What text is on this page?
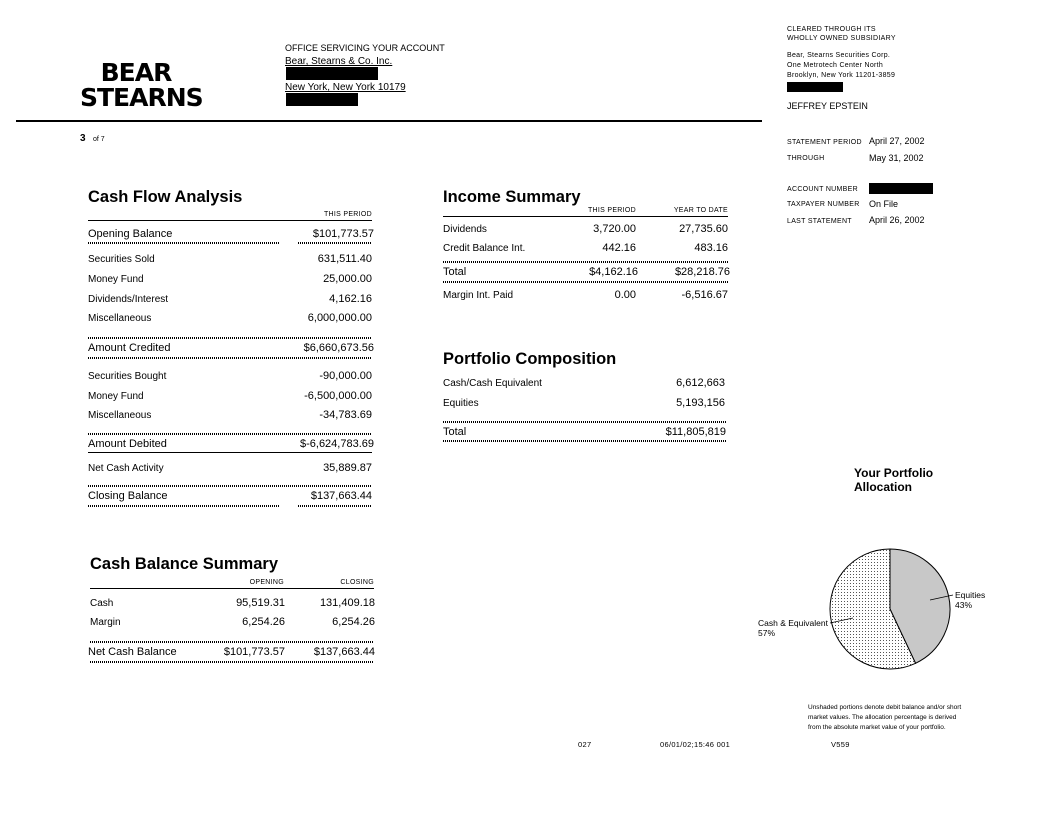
BEAR
STEARNS
OFFICE SERVICING YOUR ACCOUNT
Bear, Stearns & Co. Inc.
New York, New York 10179
3 of 7
CLEARED THROUGH ITS
WHOLLY OWNED SUBSIDIARY
Bear, Stearns Securities Corp.
One Metrotech Center North
Brooklyn, New York 11201-3859
JEFFREY EPSTEIN
STATEMENT PERIOD April 27, 2002
THROUGH	May 31, 2002
ACCOUNT NUMBER
TAXPAYER NUMBER On File
LAST STATEMENT April 26, 2002
Cash Flow Analysis
THIS PERIOD
Opening Balance	$101,773.57
Securities Sold	631,511.40
Money Fund	25,000.00
Dividends/Interest	4,162.16
Miscellaneous	6,000,000.00
Amount Credited	$6,660,673.56
Securities Bought	-90,000.00
Money Fund	-6,500,000.00
Miscellaneous	-34,783.69
Amount Debited	$-6,624,783.69
Net Cash Activity	35,889.87
Closing Balance	$137,663.44
Income Summary
THIS PERIOD	YEAR TO DATE
Dividends	3,720.00	27,735.60
Credit Balance Int.	442.16	483.16
Total	$4,162.16	$28,218.76
Margin Int. Paid	0.00	-6,516.67
Portfolio Composition
Cash/Cash Equivalent	6,612,663
Equities	5,193,156
Total	$11,805,819
Cash Balance Summary
OPENING	CLOSING
Cash	95,519.31	131,409.18
Margin	6,254.26	6,254.26
Net Cash Balance	$101,773.57	$137,663.44
Your Portfolio
Allocation
Equities
43%
Cash & Equivalent
57%
Unshaded portions denote debit balance and/or short
market values. The allocation percentage is derived
from the absolute market value of your portfolio.
027	06/01/02;15:46 001	V559
